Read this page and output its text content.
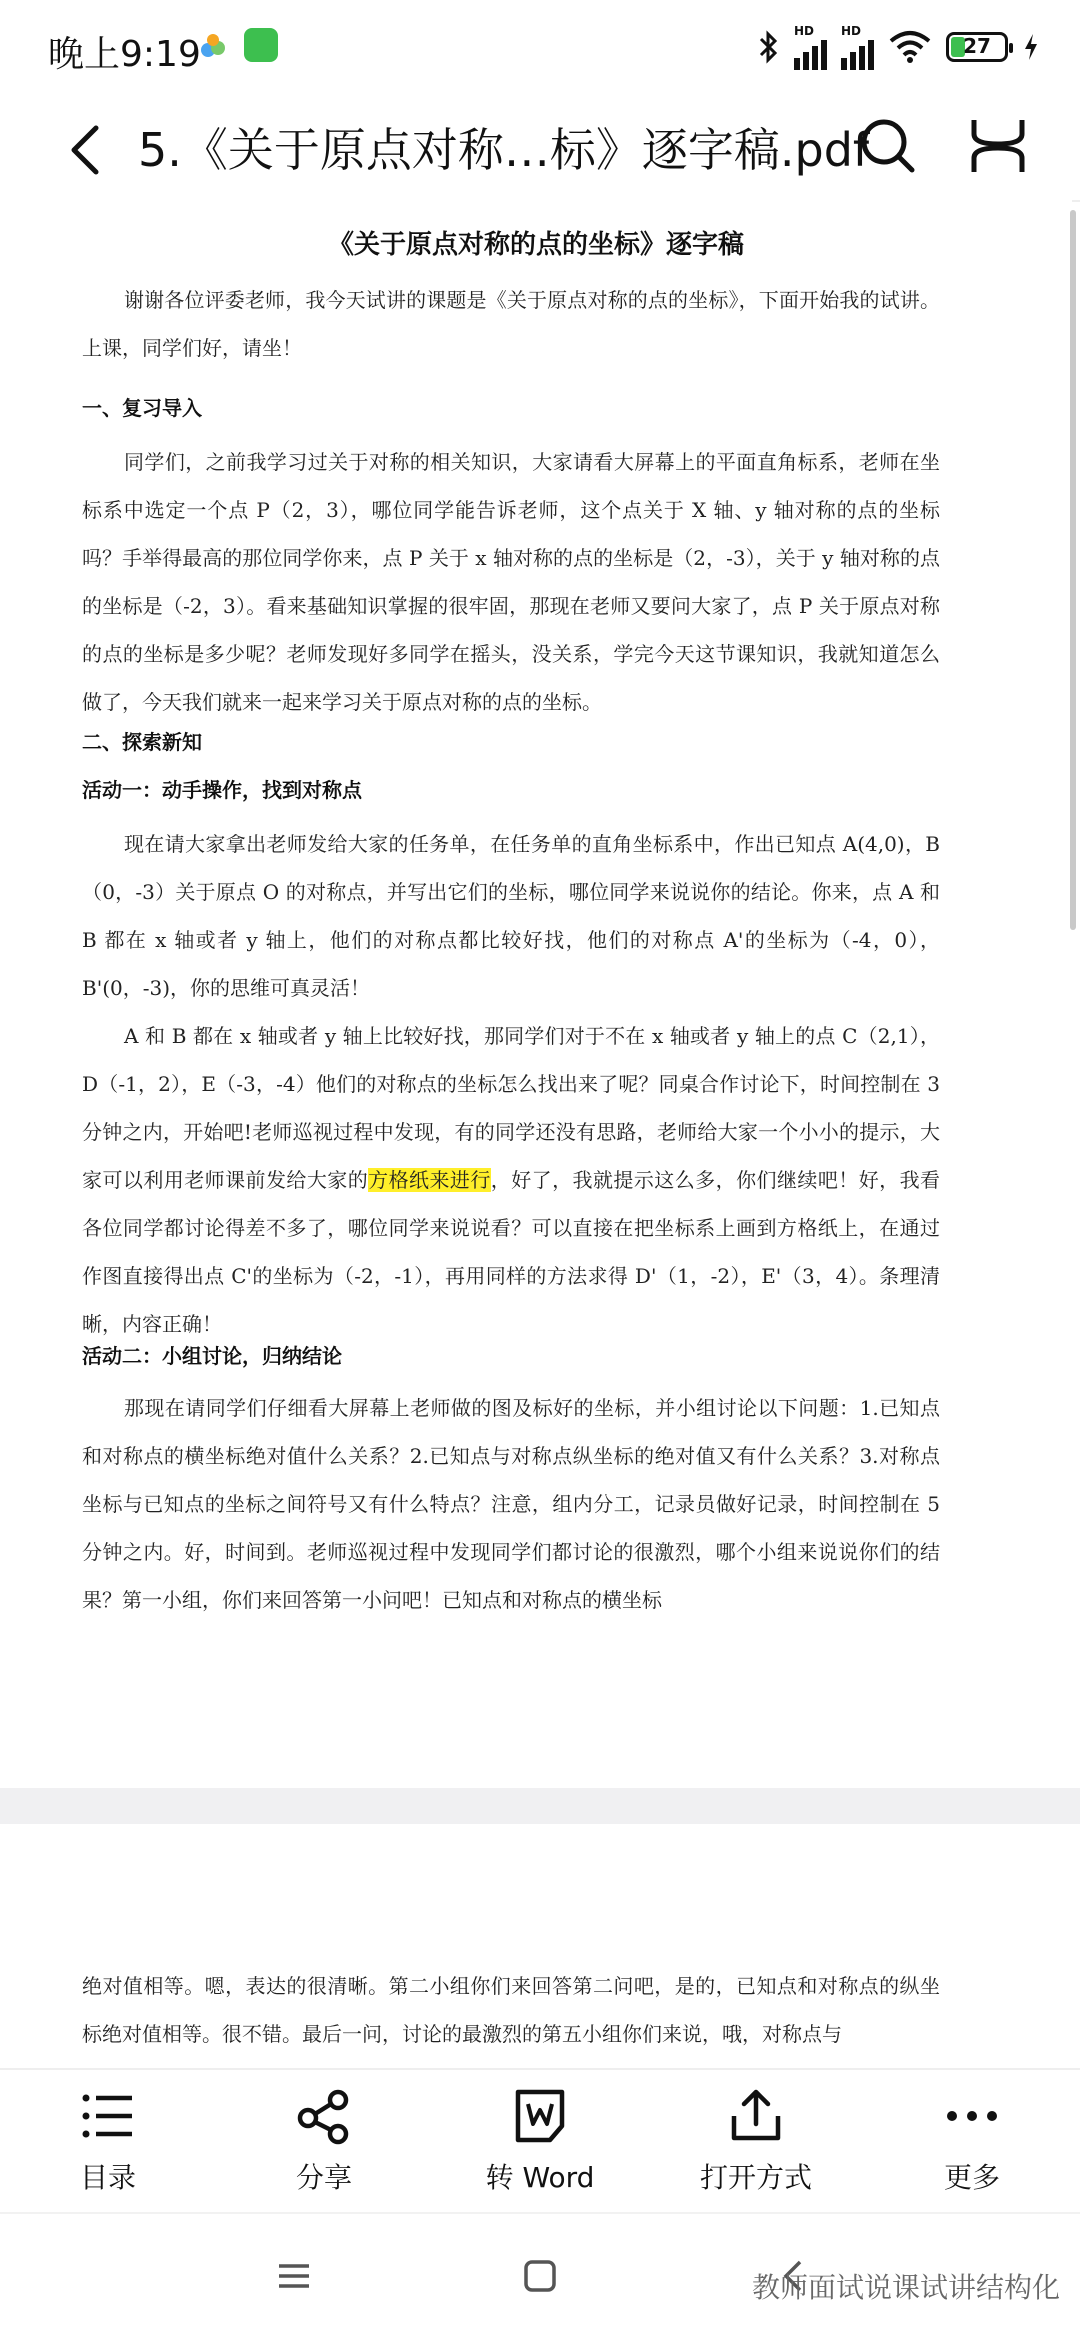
晚上9:19
HD HD
27
5.《关于原点对称…标》逐字稿.pdf
《关于原点对称的点的坐标》逐字稿
谢谢各位评委老师，我今天试讲的课题是《关于原点对称的点的坐标》，下面开始我的试讲。上课，同学们好，请坐！
一、复习导入
同学们，之前我学习过关于对称的相关知识，大家请看大屏幕上的平面直角标系，老师在坐标系中选定一个点 P（2，3），哪位同学能告诉老师，这个点关于 X 轴、y 轴对称的点的坐标吗？手举得最高的那位同学你来，点 P 关于 x 轴对称的点的坐标是（2，-3），关于 y 轴对称的点的坐标是（-2，3）。看来基础知识掌握的很牢固，那现在老师又要问大家了，点 P 关于原点对称的点的坐标是多少呢？老师发现好多同学在摇头，没关系，学完今天这节课知识，我就知道怎么做了，今天我们就来一起来学习关于原点对称的点的坐标。
二、探索新知
活动一：动手操作，找到对称点
现在请大家拿出老师发给大家的任务单，在任务单的直角坐标系中，作出已知点 A(4,0)，B（0，-3）关于原点 O 的对称点，并写出它们的坐标，哪位同学来说说你的结论。你来，点 A 和 B 都在 x 轴或者 y 轴上，他们的对称点都比较好找，他们的对称点 A'的坐标为（-4，0），B'(0，-3)，你的思维可真灵活！
A 和 B 都在 x 轴或者 y 轴上比较好找，那同学们对于不在 x 轴或者 y 轴上的点 C（2,1），D（-1，2），E（-3，-4）他们的对称点的坐标怎么找出来了呢？同桌合作讨论下，时间控制在 3 分钟之内，开始吧!老师巡视过程中发现，有的同学还没有思路，老师给大家一个小小的提示，大家可以利用老师课前发给大家的方格纸来进行，好了，我就提示这么多，你们继续吧！好，我看各位同学都讨论得差不多了，哪位同学来说说看？可以直接在把坐标系上画到方格纸上，在通过作图直接得出点 C'的坐标为（-2，-1），再用同样的方法求得 D'（1，-2），E'（3，4）。条理清晰，内容正确！
活动二：小组讨论，归纳结论
那现在请同学们仔细看大屏幕上老师做的图及标好的坐标，并小组讨论以下问题：1.已知点和对称点的横坐标绝对值什么关系？2.已知点与对称点纵坐标的绝对值又有什么关系？3.对称点坐标与已知点的坐标之间符号又有什么特点？注意，组内分工，记录员做好记录，时间控制在 5 分钟之内。好，时间到。老师巡视过程中发现同学们都讨论的很激烈，哪个小组来说说你们的结果？第一小组，你们来回答第一小问吧！已知点和对称点的横坐标
绝对值相等。嗯，表达的很清晰。第二小组你们来回答第二问吧，是的，已知点和对称点的纵坐标绝对值相等。很不错。最后一问，讨论的最激烈的第五小组你们来说，哦，对称点与
目录	分享	转 Word	打开方式	更多
教师面试说课试讲结构化
